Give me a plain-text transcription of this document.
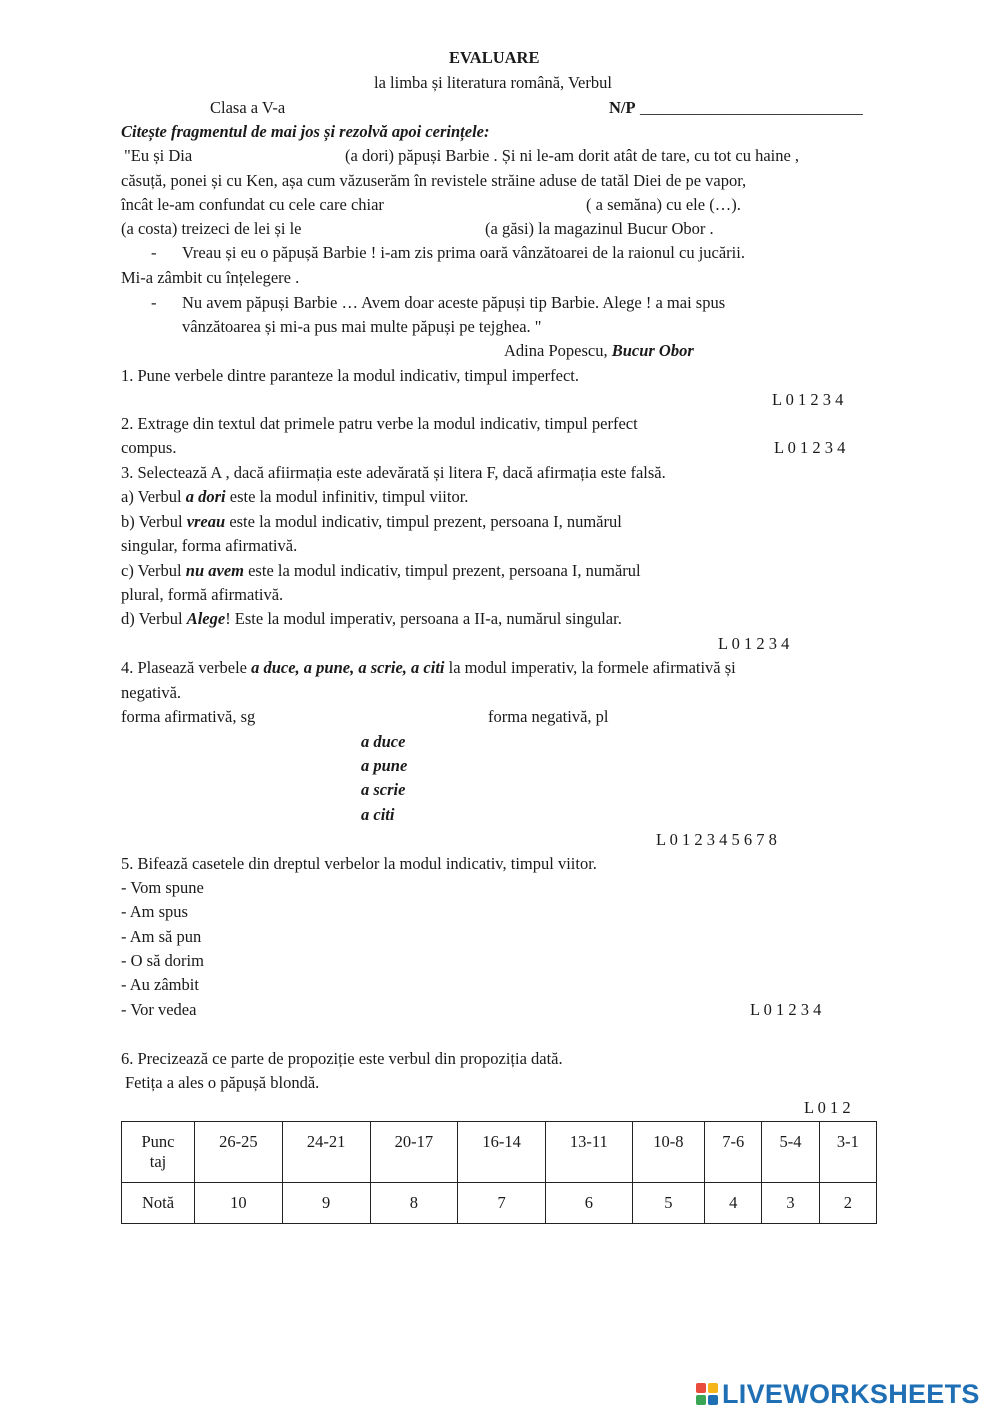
EVALUARE
la limba și literatura română, Verbul
Clasa a V-a	N/P ___________________________
Citește fragmentul de mai jos și rezolvă apoi cerințele:
"Eu și Dia	(a dori) păpuși Barbie . Și ni le-am dorit atât de tare, cu tot cu haine ,
căsuță, ponei și cu Ken, așa cum văzuserăm în revistele străine aduse de tatăl Diei de pe vapor,
încât le-am confundat cu cele care chiar	( a semăna) cu ele (…).
(a costa) treizeci de lei și le	(a găsi) la magazinul Bucur Obor .
- Vreau și eu o păpușă Barbie ! i-am zis prima oară vânzătoarei de la raionul cu jucării.
Mi-a zâmbit cu înțelegere .
- Nu avem păpuși Barbie … Avem doar aceste păpuși tip Barbie. Alege ! a mai spus
vânzătoarea și mi-a pus mai multe păpuși pe tejghea. "
Adina Popescu, Bucur Obor
1. Pune verbele dintre paranteze la modul indicativ, timpul imperfect.
L 0 1 2 3 4
2. Extrage din textul dat primele patru verbe la modul indicativ, timpul perfect
compus.	L 0 1 2 3 4
3. Selectează A , dacă afiirmația este adevărată și litera F, dacă afirmația este falsă.
a) Verbul a dori este la modul infinitiv, timpul viitor.
b) Verbul vreau este la modul indicativ, timpul prezent, persoana I, numărul
singular, forma afirmativă.
c) Verbul nu avem este la modul indicativ, timpul prezent, persoana I, numărul
plural, formă afirmativă.
d) Verbul Alege! Este la modul imperativ, persoana a II-a, numărul singular.
L 0 1 2 3 4
4. Plasează verbele a duce, a pune, a scrie, a citi la modul imperativ, la formele afirmativă și
negativă.
forma afirmativă, sg	forma negativă, pl
a duce
a pune
a scrie
a citi
L 0 1 2 3 4 5 6 7 8
5. Bifează casetele din dreptul verbelor la modul indicativ, timpul viitor.
- Vom spune
- Am spus
- Am să pun
- O să dorim
- Au zâmbit
- Vor vedea	L 0 1 2 3 4
6. Precizează ce parte de propoziție este verbul din propoziția dată.
Fetița a ales o păpușă blondă.
L 0 1 2
Punc taj	26-25	24-21	20-17	16-14	13-11	10-8	7-6	5-4	3-1
Notă	10	9	8	7	6	5	4	3	2
LIVEWORKSHEETS
